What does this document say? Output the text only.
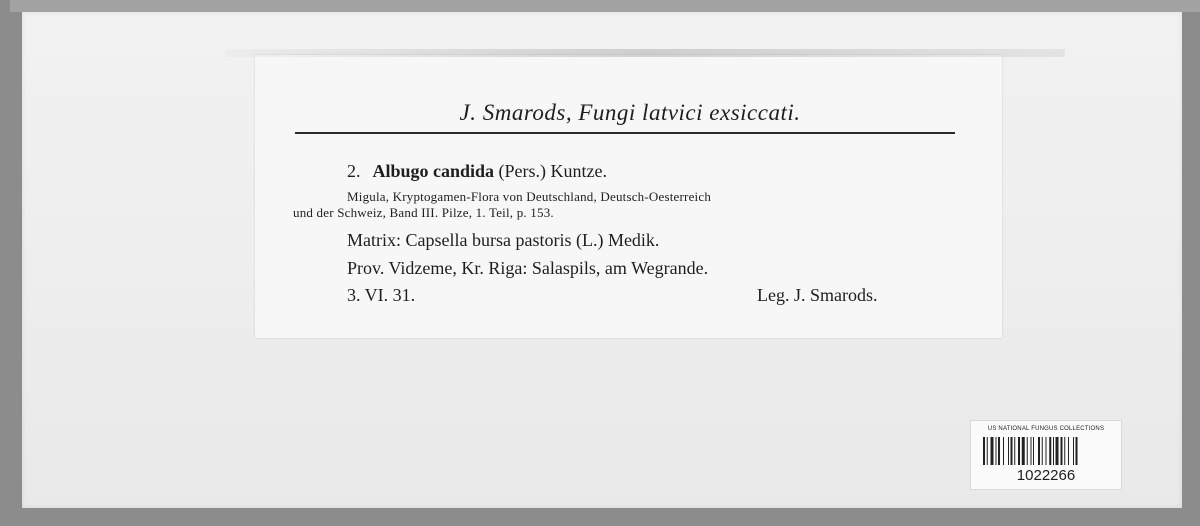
J. Smarods, Fungi latvici exsiccati.
2. Albugo candida (Pers.) Kuntze.
Migula, Kryptogamen-Flora von Deutschland, Deutsch-Oesterreich
und der Schweiz, Band III. Pilze, 1. Teil, p. 153.
Matrix: Capsella bursa pastoris (L.) Medik.
Prov. Vidzeme, Kr. Riga: Salaspils, am Wegrande.
3. VI. 31.	Leg. J. Smarods.
US NATIONAL FUNGUS COLLECTIONS
1022266
